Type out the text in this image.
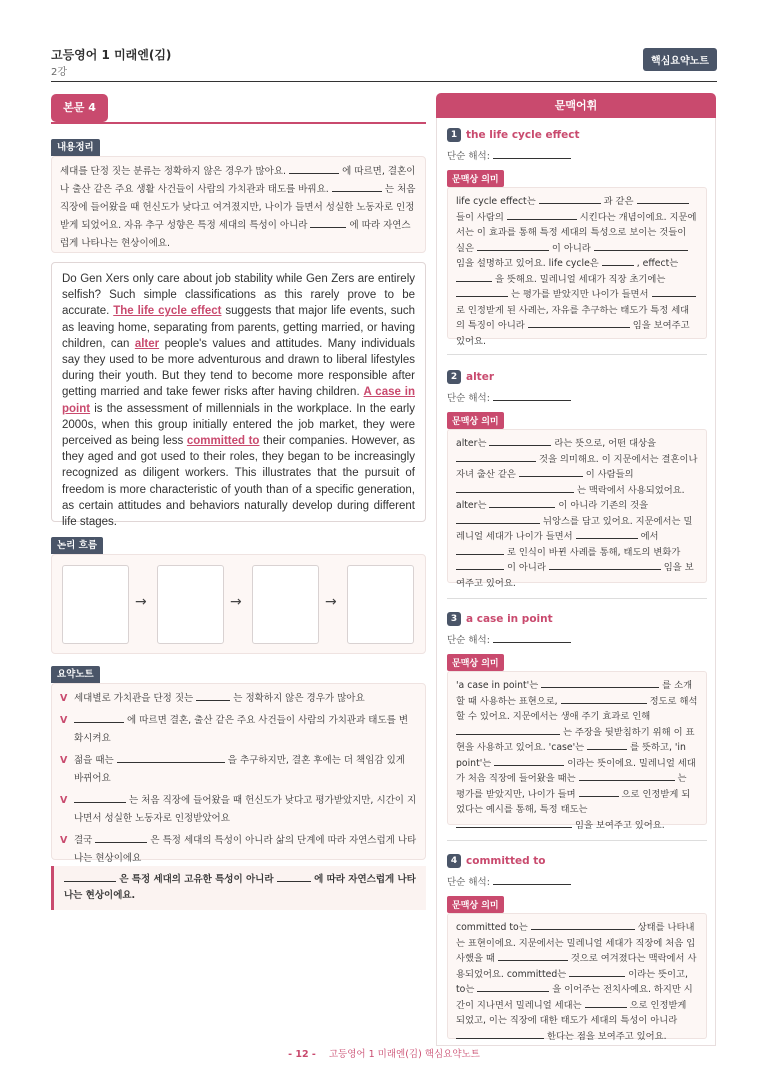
고등영어 1 미래엔(김)
2강
핵심요약노트
본문 4
내용정리
세대를 단정 짓는 분류는 정확하지 않은 경우가 많아요.	에 따르면, 결혼이나 출산 같은 주요 생활 사건들이 사람의 가치관과 태도를 바꿔요.	는 처음 직장에 들어왔을 때 헌신도가 낮다고 여겨졌지만, 나이가 들면서 성실한 노동자로 인정받게 되었어요. 자유 추구 성향은 특정 세대의 특성이 아니라	에 따라 자연스럽게 나타나는 현상이에요.
Do Gen Xers only care about job stability while Gen Zers are entirely selfish? Such simple classifications as this rarely prove to be accurate. The life cycle effect suggests that major life events, such as leaving home, separating from parents, getting married, or having children, can alter people's values and attitudes. Many individuals say they used to be more adventurous and drawn to liberal lifestyles during their youth. But they tend to become more responsible after getting married and take fewer risks after having children. A case in point is the assessment of millennials in the workplace. In the early 2000s, when this group initially entered the job market, they were perceived as being less committed to their companies. However, as they aged and got used to their roles, they began to be increasingly recognized as diligent workers. This illustrates that the pursuit of freedom is more characteristic of youth than of a specific generation, as certain attitudes and behaviors naturally develop during different life stages.
논리 흐름
→	→	→
요약노트
V 세대별로 가치관을 단정 짓는	는 정확하지 않은 경우가 많아요
V	에 따르면 결혼, 출산 같은 주요 사건들이 사람의 가치관과 태도를 변화시켜요
V 젊을 때는	을 추구하지만, 결혼 후에는 더 책임감 있게 바뀌어요
V	는 처음 직장에 들어왔을 때 헌신도가 낮다고 평가받았지만, 시간이 지나면서 성실한 노동자로 인정받았어요
V 결국	은 특정 세대의 특성이 아니라 삶의 단계에 따라 자연스럽게 나타나는 현상이에요
은 특정 세대의 고유한 특성이 아니라	에 따라 자연스럽게 나타나는 현상이에요.
문맥어휘
1 the life cycle effect
단순 해석:
문맥상 의미
life cycle effect는	과 같은  들이 사람의	시킨다는 개념이에요. 지문에서는 이 효과를 통해 특정 세대의 특성으로 보이는 것들이 실은	이 아니라  임을 설명하고 있어요. life cycle은	, effect는  을 뜻해요. 밀레니얼 세대가 직장 초기에는  는 평가를 받았지만 나이가 들면서  로 인정받게 된 사례는, 자유를 추구하는 태도가 특정 세대의 특징이 아니라	임을 보여주고 있어요.
2 alter
단순 해석:
문맥상 의미
alter는	라는 뜻으로, 어떤 대상을  것을 의미해요. 이 지문에서는 결혼이나 자녀 출산 같은	이 사람들의  는 맥락에서 사용되었어요. alter는	이 아니라 기존의 것을  뉘앙스를 담고 있어요. 지문에서는 밀레니얼 세대가 나이가 들면서	에서  로 인식이 바뀐 사례를 통해, 태도의 변화가  이 아니라	임을 보여주고 있어요.
3 a case in point
단순 해석:
문맥상 의미
'a case in point'는	를 소개할 때 사용하는 표현으로,	정도로 해석할 수 있어요. 지문에서는 생애 주기 효과로 인해  는 주장을 뒷받침하기 위해 이 표현을 사용하고 있어요. 'case'는	를 뜻하고, 'in point'는	이라는 뜻이에요. 밀레니얼 세대가 처음 직장에 들어왔을 때는	는 평가를 받았지만, 나이가 들며	으로 인정받게 되었다는 예시를 통해, 특정 태도는  임을 보여주고 있어요.
4 committed to
단순 해석:
문맥상 의미
committed to는	상태를 나타내는 표현이에요. 지문에서는 밀레니얼 세대가 직장에 처음 입사했을 때	것으로 여겨졌다는 맥락에서 사용되었어요. committed는	이라는 뜻이고, to는	을 이어주는 전치사예요. 하지만 시간이 지나면서 밀레니얼 세대는	으로 인정받게 되었고, 이는 직장에 대한 태도가 세대의 특성이 아니라  한다는 점을 보여주고 있어요.
- 12 - 고등영어 1 미래엔(김) 핵심요약노트
